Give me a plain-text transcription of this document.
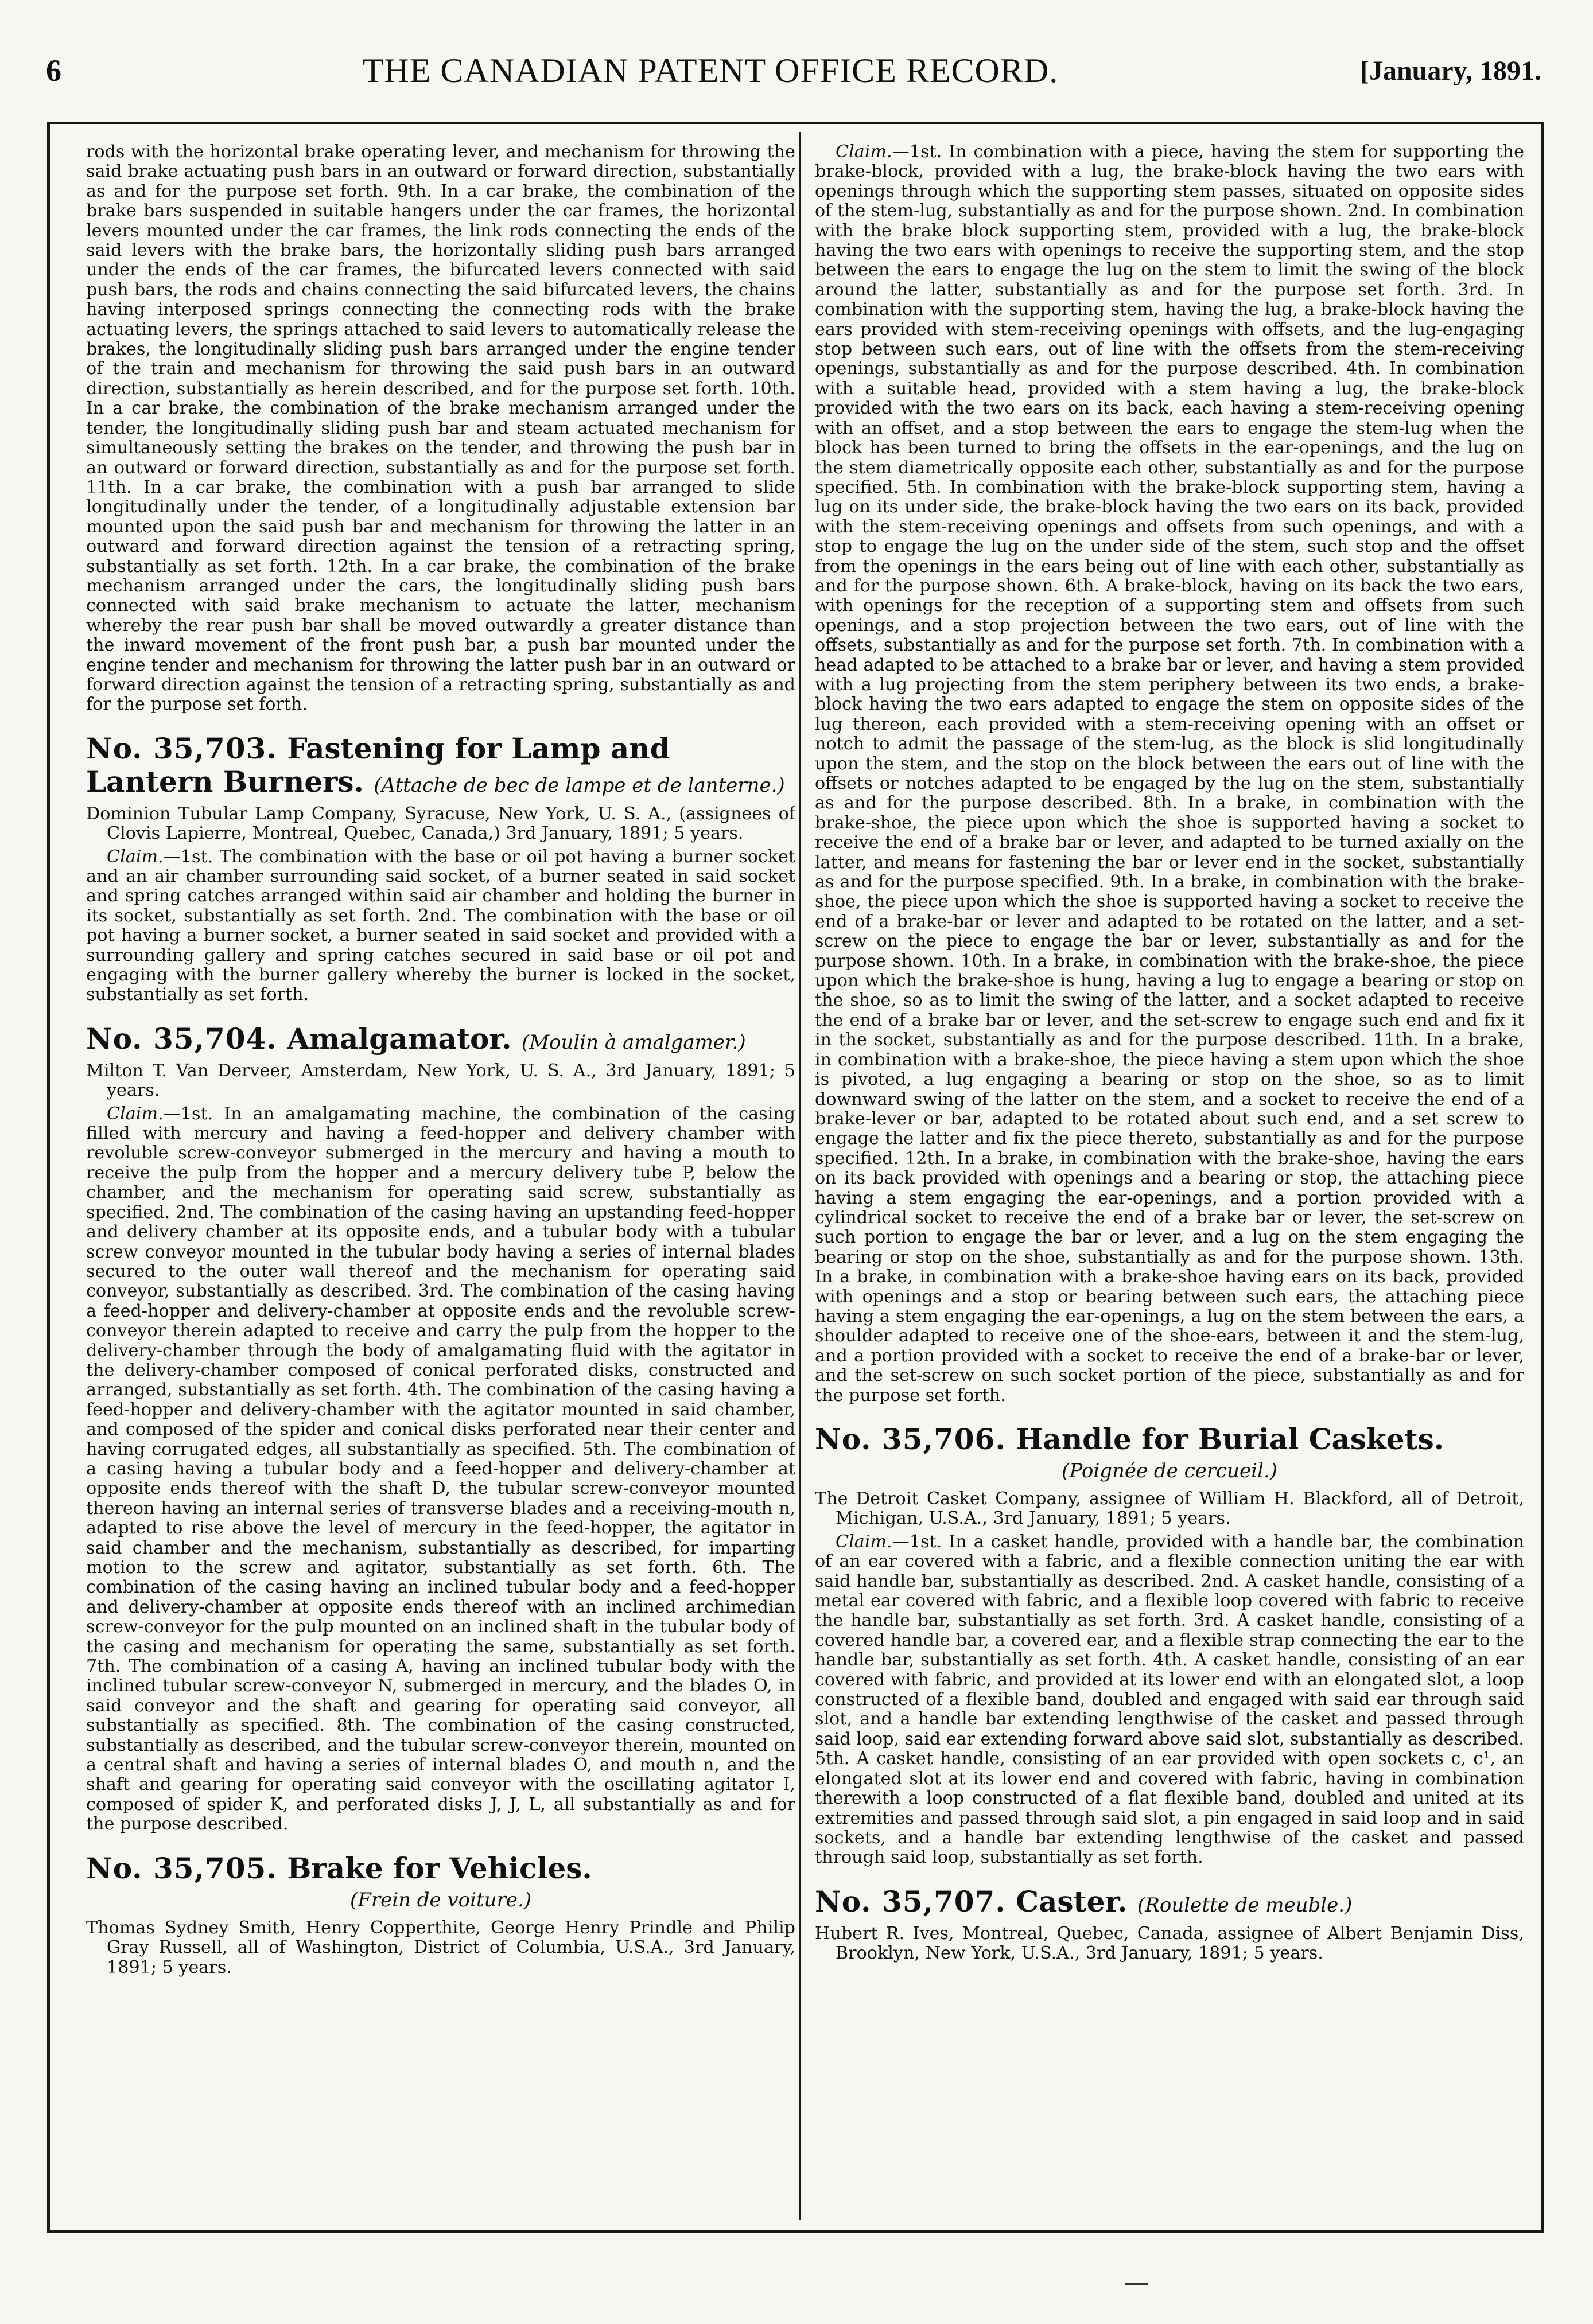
6	THE CANADIAN PATENT OFFICE RECORD.	[January, 1891.

rods with the horizontal brake operating lever, and mechanism for throwing the said brake actuating push bars in an outward or forward direction, substantially as and for the purpose set forth. 9th. In a car brake, the combination of the brake bars suspended in suitable hangers under the car frames, the horizontal levers mounted under the car frames, the link rods connecting the ends of the said levers with the brake bars, the horizontally sliding push bars arranged under the ends of the car frames, the bifurcated levers connected with said push bars, the rods and chains connecting the said bifurcated levers, the chains having interposed springs connecting the connecting rods with the brake actuating levers, the springs attached to said levers to automatically release the brakes, the longitudinally sliding push bars arranged under the engine tender of the train and mechanism for throwing the said push bars in an outward direction, substantially as herein described, and for the purpose set forth. 10th. In a car brake, the combination of the brake mechanism arranged under the tender, the longitudinally sliding push bar and steam actuated mechanism for simultaneously setting the brakes on the tender, and throwing the push bar in an outward or forward direction, substantially as and for the purpose set forth. 11th. In a car brake, the combination with a push bar arranged to slide longitudinally under the tender, of a longitudinally adjustable extension bar mounted upon the said push bar and mechanism for throwing the latter in an outward and forward direction against the tension of a retracting spring, substantially as set forth. 12th. In a car brake, the combination of the brake mechanism arranged under the cars, the longitudinally sliding push bars connected with said brake mechanism to actuate the latter, mechanism whereby the rear push bar shall be moved outwardly a greater distance than the inward movement of the front push bar, a push bar mounted under the engine tender and mechanism for throwing the latter push bar in an outward or forward direction against the tension of a retracting spring, substantially as and for the purpose set forth.

No. 35,703. Fastening for Lamp and Lantern Burners. (Attache de bec de lampe et de lanterne.)

Dominion Tubular Lamp Company, Syracuse, New York, U. S. A., (assignees of Clovis Lapierre, Montreal, Quebec, Canada,) 3rd January, 1891; 5 years.

Claim.—1st. The combination with the base or oil pot having a burner socket and an air chamber surrounding said socket, of a burner seated in said socket and spring catches arranged within said air chamber and holding the burner in its socket, substantially as set forth. 2nd. The combination with the base or oil pot having a burner socket, a burner seated in said socket and provided with a surrounding gallery and spring catches secured in said base or oil pot and engaging with the burner gallery whereby the burner is locked in the socket, substantially as set forth.

No. 35,704. Amalgamator. (Moulin à amalgamer.)

Milton T. Van Derveer, Amsterdam, New York, U. S. A., 3rd January, 1891; 5 years.

Claim.—1st. In an amalgamating machine, the combination of the casing filled with mercury and having a feed-hopper and delivery chamber with revoluble screw-conveyor submerged in the mercury and having a mouth to receive the pulp from the hopper and a mercury delivery tube P, below the chamber, and the mechanism for operating said screw, substantially as specified. 2nd. The combination of the casing having an upstanding feed-hopper and delivery chamber at its opposite ends, and a tubular body with a tubular screw conveyor mounted in the tubular body having a series of internal blades secured to the outer wall thereof and the mechanism for operating said conveyor, substantially as described. 3rd. The combination of the casing having a feed-hopper and delivery-chamber at opposite ends and the revoluble screw-conveyor therein adapted to receive and carry the pulp from the hopper to the delivery-chamber through the body of amalgamating fluid with the agitator in the delivery-chamber composed of conical perforated disks, constructed and arranged, substantially as set forth. 4th. The combination of the casing having a feed-hopper and delivery-chamber with the agitator mounted in said chamber, and composed of the spider and conical disks perforated near their center and having corrugated edges, all substantially as specified. 5th. The combination of a casing having a tubular body and a feed-hopper and delivery-chamber at opposite ends thereof with the shaft D, the tubular screw-conveyor mounted thereon having an internal series of transverse blades and a receiving-mouth n, adapted to rise above the level of mercury in the feed-hopper, the agitator in said chamber and the mechanism, substantially as described, for imparting motion to the screw and agitator, substantially as set forth. 6th. The combination of the casing having an inclined tubular body and a feed-hopper and delivery-chamber at opposite ends thereof with an inclined archimedian screw-conveyor for the pulp mounted on an inclined shaft in the tubular body of the casing and mechanism for operating the same, substantially as set forth. 7th. The combination of a casing A, having an inclined tubular body with the inclined tubular screw-conveyor N, submerged in mercury, and the blades O, in said conveyor and the shaft and gearing for operating said conveyor, all substantially as specified. 8th. The combination of the casing constructed, substantially as described, and the tubular screw-conveyor therein, mounted on a central shaft and having a series of internal blades O, and mouth n, and the shaft and gearing for operating said conveyor with the oscillating agitator I, composed of spider K, and perforated disks J, J, L, all substantially as and for the purpose described.

No. 35,705. Brake for Vehicles.

(Frein de voiture.)

Thomas Sydney Smith, Henry Copperthite, George Henry Prindle and Philip Gray Russell, all of Washington, District of Columbia, U.S.A., 3rd January, 1891; 5 years.

Claim.—1st. In combination with a piece, having the stem for supporting the brake-block, provided with a lug, the brake-block having the two ears with openings through which the supporting stem passes, situated on opposite sides of the stem-lug, substantially as and for the purpose shown. 2nd. In combination with the brake block supporting stem, provided with a lug, the brake-block having the two ears with openings to receive the supporting stem, and the stop between the ears to engage the lug on the stem to limit the swing of the block around the latter, substantially as and for the purpose set forth. 3rd. In combination with the supporting stem, having the lug, a brake-block having the ears provided with stem-receiving openings with offsets, and the lug-engaging stop between such ears, out of line with the offsets from the stem-receiving openings, substantially as and for the purpose described. 4th. In combination with a suitable head, provided with a stem having a lug, the brake-block provided with the two ears on its back, each having a stem-receiving opening with an offset, and a stop between the ears to engage the stem-lug when the block has been turned to bring the offsets in the ear-openings, and the lug on the stem diametrically opposite each other, substantially as and for the purpose specified. 5th. In combination with the brake-block supporting stem, having a lug on its under side, the brake-block having the two ears on its back, provided with the stem-receiving openings and offsets from such openings, and with a stop to engage the lug on the under side of the stem, such stop and the offset from the openings in the ears being out of line with each other, substantially as and for the purpose shown. 6th. A brake-block, having on its back the two ears, with openings for the reception of a supporting stem and offsets from such openings, and a stop projection between the two ears, out of line with the offsets, substantially as and for the purpose set forth. 7th. In combination with a head adapted to be attached to a brake bar or lever, and having a stem provided with a lug projecting from the stem periphery between its two ends, a brake-block having the two ears adapted to engage the stem on opposite sides of the lug thereon, each provided with a stem-receiving opening with an offset or notch to admit the passage of the stem-lug, as the block is slid longitudinally upon the stem, and the stop on the block between the ears out of line with the offsets or notches adapted to be engaged by the lug on the stem, substantially as and for the purpose described. 8th. In a brake, in combination with the brake-shoe, the piece upon which the shoe is supported having a socket to receive the end of a brake bar or lever, and adapted to be turned axially on the latter, and means for fastening the bar or lever end in the socket, substantially as and for the purpose specified. 9th. In a brake, in combination with the brake-shoe, the piece upon which the shoe is supported having a socket to receive the end of a brake-bar or lever and adapted to be rotated on the latter, and a set-screw on the piece to engage the bar or lever, substantially as and for the purpose shown. 10th. In a brake, in combination with the brake-shoe, the piece upon which the brake-shoe is hung, having a lug to engage a bearing or stop on the shoe, so as to limit the swing of the latter, and a socket adapted to receive the end of a brake bar or lever, and the set-screw to engage such end and fix it in the socket, substantially as and for the purpose described. 11th. In a brake, in combination with a brake-shoe, the piece having a stem upon which the shoe is pivoted, a lug engaging a bearing or stop on the shoe, so as to limit downward swing of the latter on the stem, and a socket to receive the end of a brake-lever or bar, adapted to be rotated about such end, and a set screw to engage the latter and fix the piece thereto, substantially as and for the purpose specified. 12th. In a brake, in combination with the brake-shoe, having the ears on its back provided with openings and a bearing or stop, the attaching piece having a stem engaging the ear-openings, and a portion provided with a cylindrical socket to receive the end of a brake bar or lever, the set-screw on such portion to engage the bar or lever, and a lug on the stem engaging the bearing or stop on the shoe, substantially as and for the purpose shown. 13th. In a brake, in combination with a brake-shoe having ears on its back, provided with openings and a stop or bearing between such ears, the attaching piece having a stem engaging the ear-openings, a lug on the stem between the ears, a shoulder adapted to receive one of the shoe-ears, between it and the stem-lug, and a portion provided with a socket to receive the end of a brake-bar or lever, and the set-screw on such socket portion of the piece, substantially as and for the purpose set forth.

No. 35,706. Handle for Burial Caskets.

(Poignée de cercueil.)

The Detroit Casket Company, assignee of William H. Blackford, all of Detroit, Michigan, U.S.A., 3rd January, 1891; 5 years.

Claim.—1st. In a casket handle, provided with a handle bar, the combination of an ear covered with a fabric, and a flexible connection uniting the ear with said handle bar, substantially as described. 2nd. A casket handle, consisting of a metal ear covered with fabric, and a flexible loop covered with fabric to receive the handle bar, substantially as set forth. 3rd. A casket handle, consisting of a covered handle bar, a covered ear, and a flexible strap connecting the ear to the handle bar, substantially as set forth. 4th. A casket handle, consisting of an ear covered with fabric, and provided at its lower end with an elongated slot, a loop constructed of a flexible band, doubled and engaged with said ear through said slot, and a handle bar extending lengthwise of the casket and passed through said loop, said ear extending forward above said slot, substantially as described. 5th. A casket handle, consisting of an ear provided with open sockets c, c¹, an elongated slot at its lower end and covered with fabric, having in combination therewith a loop constructed of a flat flexible band, doubled and united at its extremities and passed through said slot, a pin engaged in said loop and in said sockets, and a handle bar extending lengthwise of the casket and passed through said loop, substantially as set forth.

No. 35,707. Caster. (Roulette de meuble.)

Hubert R. Ives, Montreal, Quebec, Canada, assignee of Albert Benjamin Diss, Brooklyn, New York, U.S.A., 3rd January, 1891; 5 years.
